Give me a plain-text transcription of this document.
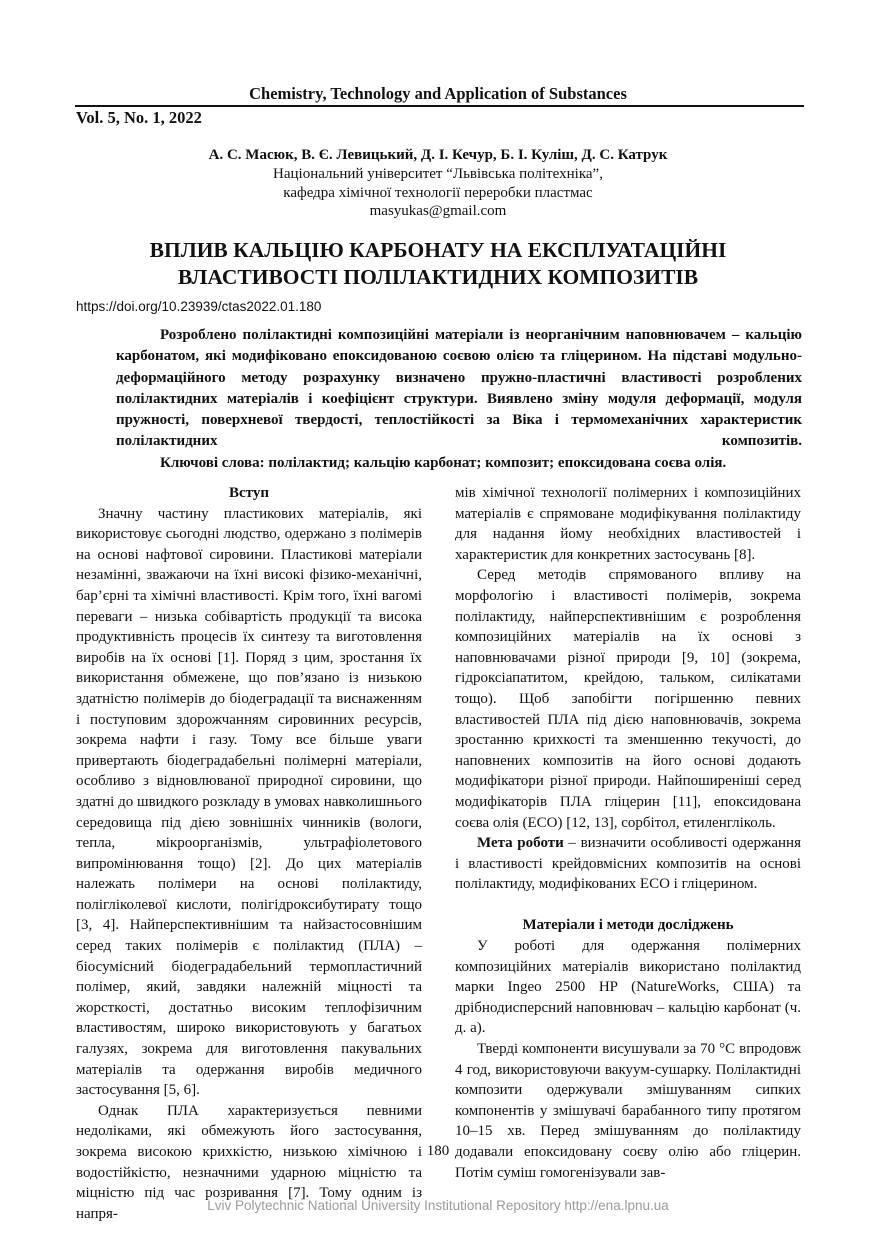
Chemistry, Technology and Application of Substances
Vol. 5, No. 1, 2022
А. С. Масюк, В. Є. Левицький, Д. І. Кечур, Б. І. Куліш, Д. С. Катрук
Національний університет “Львівська політехніка”,
кафедра хімічної технології переробки пластмас
masyukas@gmail.com
ВПЛИВ КАЛЬЦІЮ КАРБОНАТУ НА ЕКСПЛУАТАЦІЙНІ
ВЛАСТИВОСТІ ПОЛІЛАКТИДНИХ КОМПОЗИТІВ
https://doi.org/10.23939/ctas2022.01.180

Розроблено полілактидні композиційні матеріали із неорганічним наповнювачем – кальцію карбонатом, які модифіковано епоксидованою соєвою олією та гліцерином. На підставі модульно-деформаційного методу розрахунку визначено пружно-пластичні властивості розроблених полілактидних матеріалів і коефіцієнт структури. Виявлено зміну модуля деформації, модуля пружності, поверхневої твердості, теплостійкості за Віка і термомеханічних характеристик полілактидних композитів.

Ключові слова: полілактид; кальцію карбонат; композит; епоксидована соєва олія.

Вступ

Значну частину пластикових матеріалів, які використовує сьогодні людство, одержано з полімерів на основі нафтової сировини. Пластикові матеріали незамінні, зважаючи на їхні високі фізико-механічні, бар’єрні та хімічні властивості. Крім того, їхні вагомі переваги – низька собівартість продукції та висока продуктивність процесів їх синтезу та виготовлення виробів на їх основі [1]. Поряд з цим, зростання їх використання обмежене, що пов’язано із низькою здатністю полімерів до біодеградації та виснаженням і поступовим здорожчанням сировинних ресурсів, зокрема нафти і газу. Тому все більше уваги привертають біодеградабельні полімерні матеріали, особливо з відновлюваної природної сировини, що здатні до швидкого розкладу в умовах навколишнього середовища під дією зовнішніх чинників (вологи, тепла, мікроорганізмів, ультрафіолетового випромінювання тощо) [2]. До цих матеріалів належать полімери на основі полілактиду, полігліколевої кислоти, полігідроксибутирату тощо [3, 4]. Найперспективнішим та найзастосовнішим серед таких полімерів є полілактид (ПЛА) – біосумісний біодеградабельний термопластичний полімер, який, завдяки належній міцності та жорсткості, достатньо високим теплофізичним властивостям, широко використовують у багатьох галузях, зокрема для виготовлення пакувальних матеріалів та одержання виробів медичного застосування [5, 6].

Однак ПЛА характеризується певними недоліками, які обмежують його застосування, зокрема високою крихкістю, низькою хімічною і водостійкістю, незначними ударною міцністю та міцністю під час розривання [7]. Тому одним із напря-

мів хімічної технології полімерних і композиційних матеріалів є спрямоване модифікування полілактиду для надання йому необхідних властивостей і характеристик для конкретних застосувань [8].

Серед методів спрямованого впливу на морфологію і властивості полімерів, зокрема полілактиду, найперспективнішим є розроблення композиційних матеріалів на їх основі з наповнювачами різної природи [9, 10] (зокрема, гідроксіапатитом, крейдою, тальком, силікатами тощо). Щоб запобігти погіршенню певних властивостей ПЛА під дією наповнювачів, зокрема зростанню крихкості та зменшенню текучості, до наповнених композитів на його основі додають модифікатори різної природи. Найпоширеніші серед модифікаторів ПЛА гліцерин [11], епоксидована соєва олія (ЕСО) [12, 13], сорбітол, етиленгліколь.

Мета роботи – визначити особливості одержання і властивості крейдовмісних композитів на основі полілактиду, модифікованих ЕСО і гліцерином.

Матеріали і методи досліджень

У роботі для одержання полімерних композиційних матеріалів використано полілактид марки Ingeo 2500 HP (NatureWorks, США) та дрібнодисперсний наповнювач – кальцію карбонат (ч. д. а).

Тверді компоненти висушували за 70 °С впродовж 4 год, використовуючи вакуум-сушарку. Полілактидні композити одержували змішуванням сипких компонентів у змішувачі барабанного типу протягом 10–15 хв. Перед змішуванням до полілактиду додавали епоксидовану соєву олію або гліцерин. Потім суміш гомогенізували зав-

180
Lviv Polytechnic National University Institutional Repository http://ena.lpnu.ua
